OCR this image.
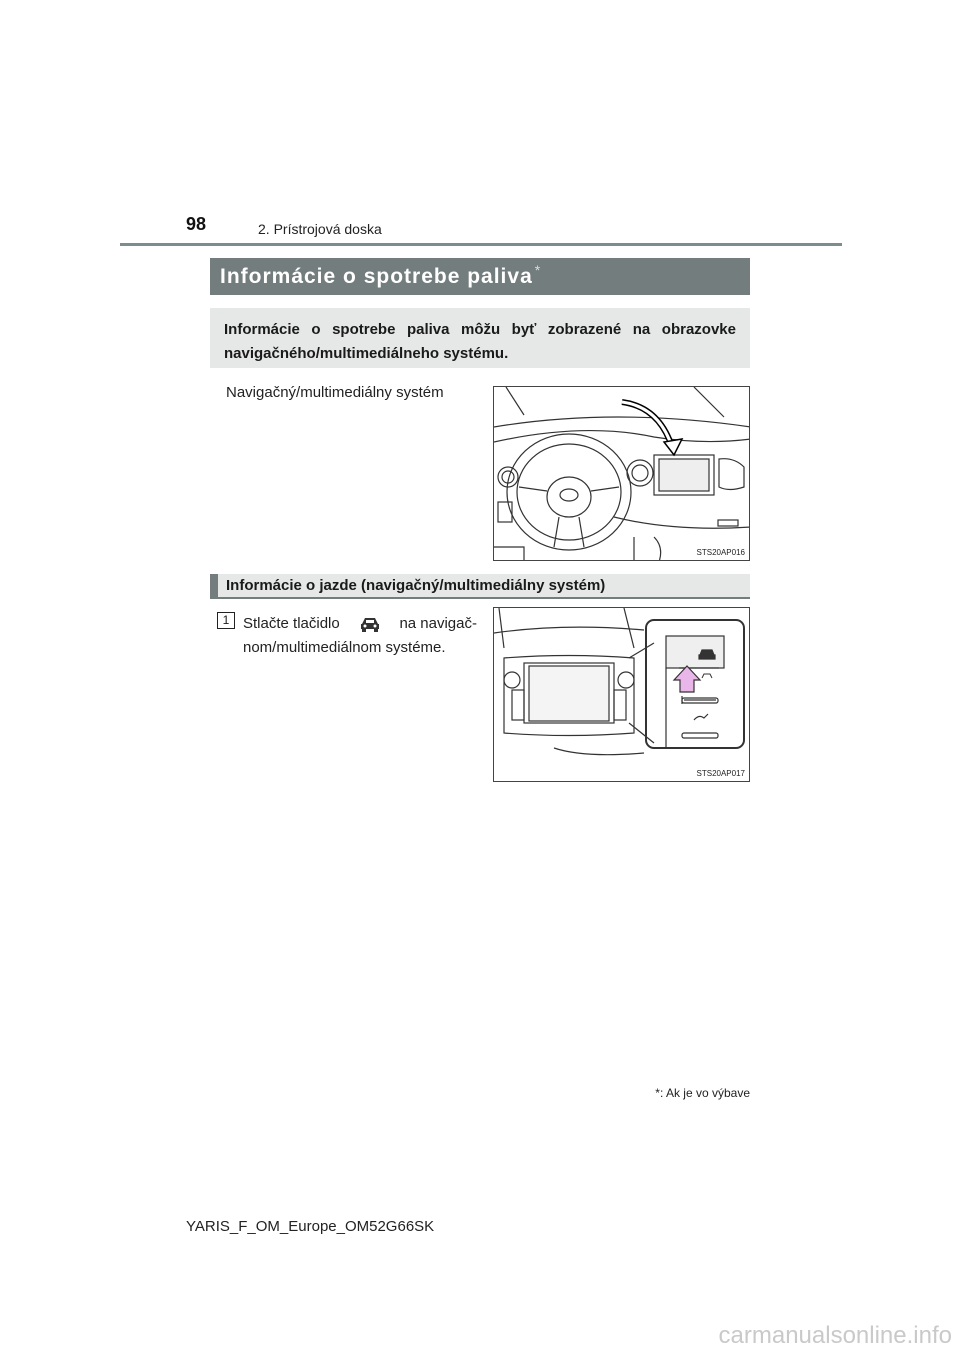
98	2. Prístrojová doska
Informácie o spotrebe paliva *
Informácie o spotrebe paliva môžu byť zobrazené na obrazovke
navigačného/multimediálneho systému.
Navigačný/multimediálny systém
STS20AP016
Informácie o jazde (navigačný/multimediálny systém)
1 Stlačte tlačidlo	na navigač-
nom/multimediálnom systéme.
STS20AP017
*: Ak je vo výbave
YARIS_F_OM_Europe_OM52G66SK
carmanualsonline.info
